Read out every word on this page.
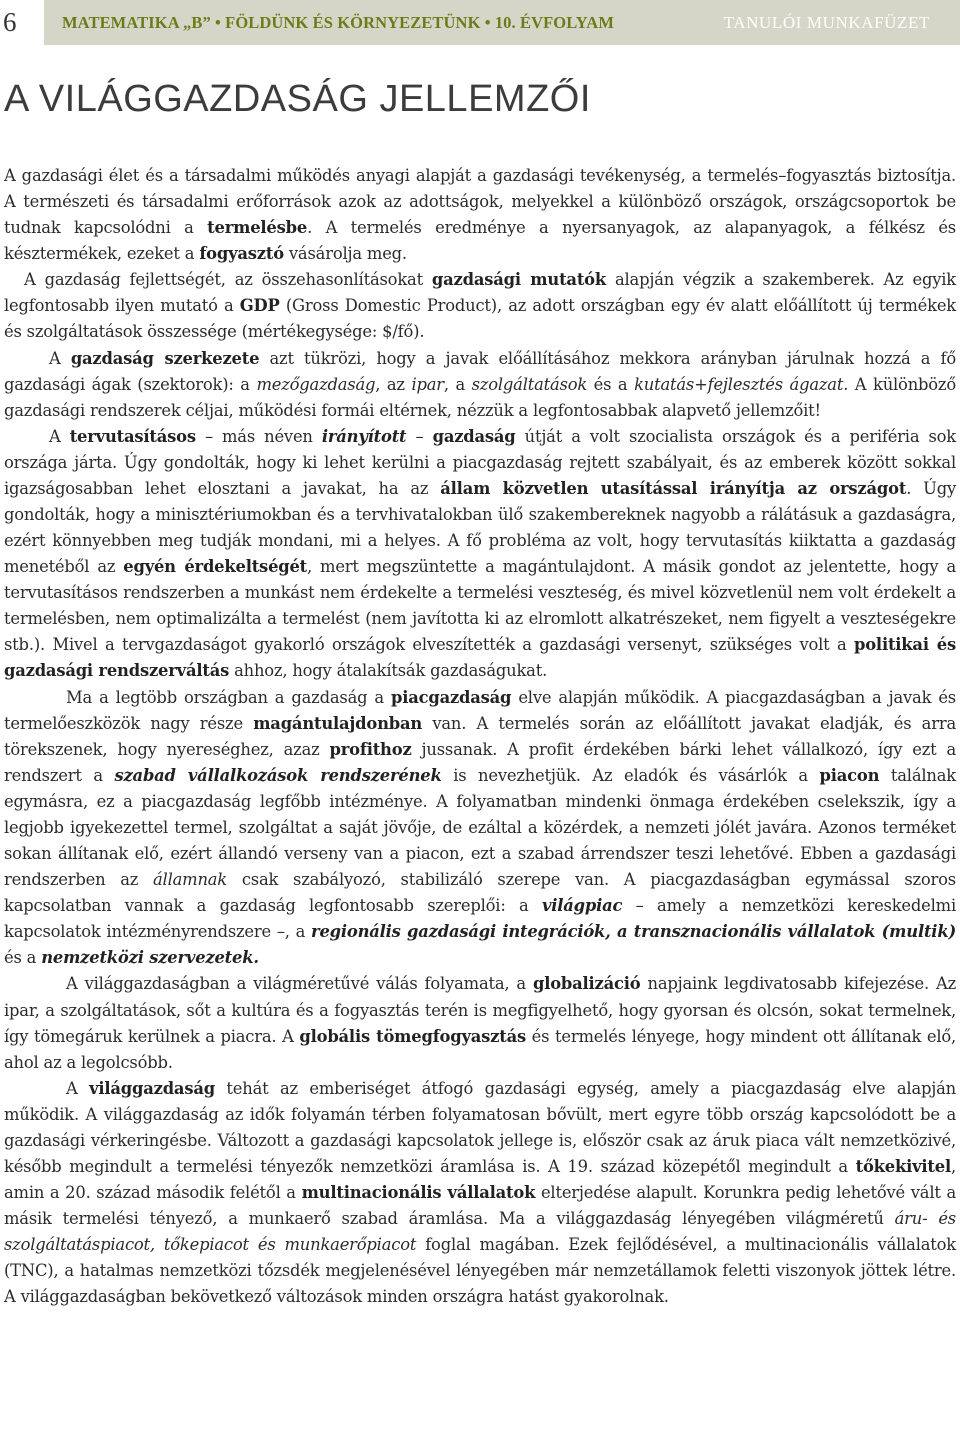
6	MATEMATIKA „B” • FÖLDÜNK ÉS KÖRNYEZETÜNK • 10. ÉVFOLYAM	TANULÓI MUNKAFÜZET
A VILÁGGAZDASÁG JELLEMZŐI

A gazdasági élet és a társadalmi működés anyagi alapját a gazdasági tevékenység, a termelés–fogyasztás biztosítja. A természeti és társadalmi erőforrások azok az adottságok, melyekkel a különböző országok, országcsoportok be tudnak kapcsolódni a termelésbe. A termelés eredménye a nyersanyagok, az alapanyagok, a félkész és késztermékek, ezeket a fogyasztó vásárolja meg.

A gazdaság fejlettségét, az összehasonlításokat gazdasági mutatók alapján végzik a szakemberek. Az egyik legfontosabb ilyen mutató a GDP (Gross Domestic Product), az adott országban egy év alatt előállított új termékek és szolgáltatások összessége (mértékegysége: $/fő).

A gazdaság szerkezete azt tükrözi, hogy a javak előállításához mekkora arányban járulnak hozzá a fő gazdasági ágak (szektorok): a mezőgazdaság, az ipar, a szolgáltatások és a kutatás+fejlesztés ágazat. A különböző gazdasági rendszerek céljai, működési formái eltérnek, nézzük a legfontosabbak alapvető jellemzőit!

A tervutasításos – más néven irányított – gazdaság útját a volt szocialista országok és a periféria sok országa járta. Úgy gondolták, hogy ki lehet kerülni a piacgazdaság rejtett szabályait, és az emberek között sokkal igazságosabban lehet elosztani a javakat, ha az állam közvetlen utasítással irányítja az országot. Úgy gondolták, hogy a minisztériumokban és a tervhivatalokban ülő szakembereknek nagyobb a rálátásuk a gazdaságra, ezért könnyebben meg tudják mondani, mi a helyes. A fő probléma az volt, hogy tervutasítás kiiktatta a gazdaság menetéből az egyén érdekeltségét, mert megszüntette a magántulajdont. A másik gondot az jelentette, hogy a tervutasításos rendszerben a munkást nem érdekelte a termelési veszteség, és mivel közvetlenül nem volt érdekelt a termelésben, nem optimalizálta a termelést (nem javította ki az elromlott alkatrészeket, nem figyelt a veszteségekre stb.). Mivel a tervgazdaságot gyakorló országok elveszítették a gazdasági versenyt, szükséges volt a politikai és gazdasági rendszerváltás ahhoz, hogy átalakítsák gazdaságukat.

Ma a legtöbb országban a gazdaság a piacgazdaság elve alapján működik. A piacgazdaságban a javak és termelőeszközök nagy része magántulajdonban van. A termelés során az előállított javakat eladják, és arra törekszenek, hogy nyereséghez, azaz profithoz jussanak. A profit érdekében bárki lehet vállalkozó, így ezt a rendszert a szabad vállalkozások rendszerének is nevezhetjük. Az eladók és vásárlók a piacon találnak egymásra, ez a piacgazdaság legfőbb intézménye. A folyamatban mindenki önmaga érdekében cselekszik, így a legjobb igyekezettel termel, szolgáltat a saját jövője, de ezáltal a közérdek, a nemzeti jólét javára. Azonos terméket sokan állítanak elő, ezért állandó verseny van a piacon, ezt a szabad árrendszer teszi lehetővé. Ebben a gazdasági rendszerben az államnak csak szabályozó, stabilizáló szerepe van. A piacgazdaságban egymással szoros kapcsolatban vannak a gazdaság legfontosabb szereplői: a világpiac – amely a nemzetközi kereskedelmi kapcsolatok intézményrendszere –, a regionális gazdasági integrációk, a transznacionális vállalatok (multik) és a nemzetközi szervezetek.

A világgazdaságban a világméretűvé válás folyamata, a globalizáció napjaink legdivatosabb kifejezése. Az ipar, a szolgáltatások, sőt a kultúra és a fogyasztás terén is megfigyelhető, hogy gyorsan és olcsón, sokat termelnek, így tömegáruk kerülnek a piacra. A globális tömegfogyasztás és termelés lényege, hogy mindent ott állítanak elő, ahol az a legolcsóbb.

A világgazdaság tehát az emberiséget átfogó gazdasági egység, amely a piacgazdaság elve alapján működik. A világgazdaság az idők folyamán térben folyamatosan bővült, mert egyre több ország kapcsolódott be a gazdasági vérkeringésbe. Változott a gazdasági kapcsolatok jellege is, először csak az áruk piaca vált nemzetközivé, később megindult a termelési tényezők nemzetközi áramlása is. A 19. század közepétől megindult a tőkekivitel, amin a 20. század második felétől a multinacionális vállalatok elterjedése alapult. Korunkra pedig lehetővé vált a másik termelési tényező, a munkaerő szabad áramlása. Ma a világgazdaság lényegében világméretű áru- és szolgáltatáspiacot, tőkepiacot és munkaerőpiacot foglal magában. Ezek fejlődésével, a multinacionális vállalatok (TNC), a hatalmas nemzetközi tőzsdék megjelenésével lényegében már nemzetállamok feletti viszonyok jöttek létre. A világgazdaságban bekövetkező változások minden országra hatást gyakorolnak.
